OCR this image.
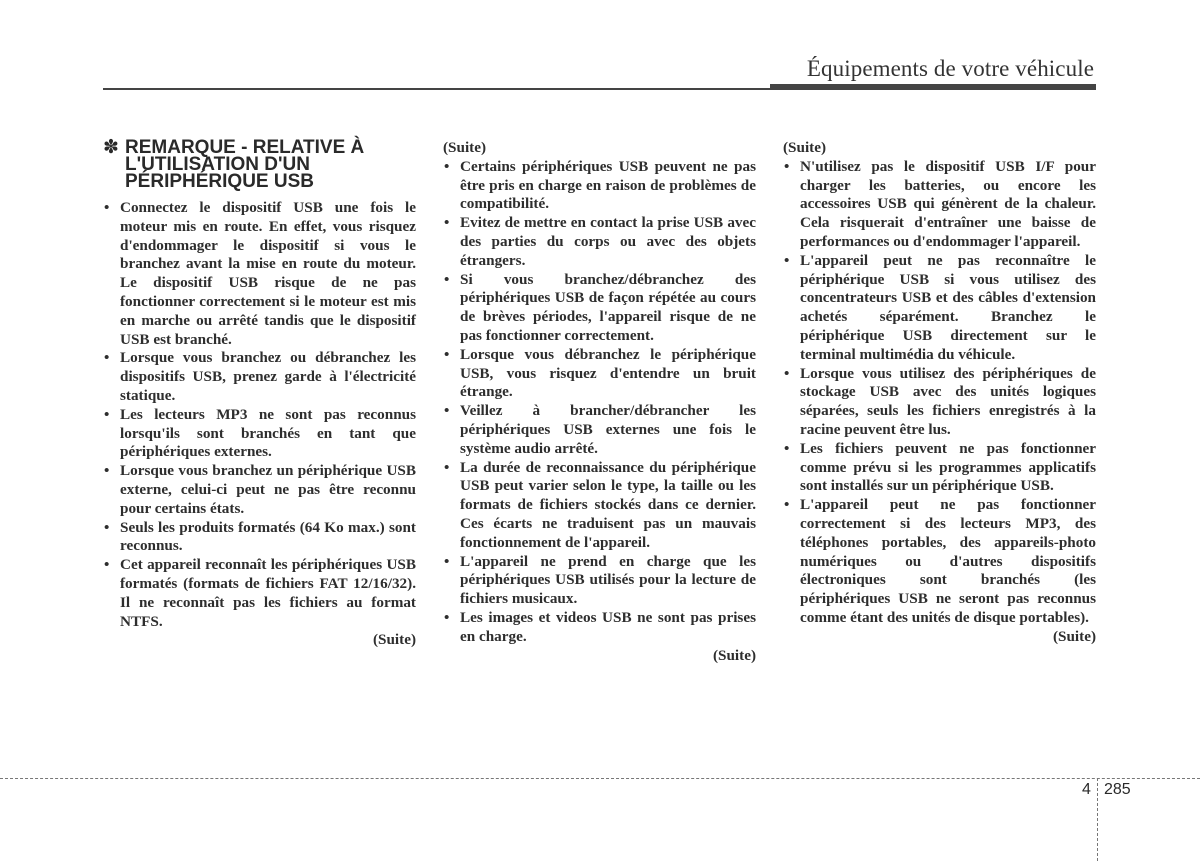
Équipements de votre véhicule
✽ REMARQUE - RELATIVE À L'UTILISATION D'UN PÉRIPHÉRIQUE USB
• Connectez le dispositif USB une fois le moteur mis en route. En effet, vous risquez d'endommager le dispositif si vous le branchez avant la mise en route du moteur. Le dispositif USB risque de ne pas fonctionner correctement si le moteur est mis en marche ou arrêté tandis que le dispositif USB est branché.
• Lorsque vous branchez ou débranchez les dispositifs USB, prenez garde à l'électricité statique.
• Les lecteurs MP3 ne sont pas reconnus lorsqu'ils sont branchés en tant que périphériques externes.
• Lorsque vous branchez un périphérique USB externe, celui-ci peut ne pas être reconnu pour certains états.
• Seuls les produits formatés (64 Ko max.) sont reconnus.
• Cet appareil reconnaît les périphériques USB formatés (formats de fichiers FAT 12/16/32). Il ne reconnaît pas les fichiers au format NTFS.
(Suite)
(Suite)
• Certains périphériques USB peuvent ne pas être pris en charge en raison de problèmes de compatibilité.
• Evitez de mettre en contact la prise USB avec des parties du corps ou avec des objets étrangers.
• Si vous branchez/débranchez des périphériques USB de façon répétée au cours de brèves périodes, l'appareil risque de ne pas fonctionner correctement.
• Lorsque vous débranchez le périphérique USB, vous risquez d'entendre un bruit étrange.
• Veillez à brancher/débrancher les périphériques USB externes une fois le système audio arrêté.
• La durée de reconnaissance du périphérique USB peut varier selon le type, la taille ou les formats de fichiers stockés dans ce dernier. Ces écarts ne traduisent pas un mauvais fonctionnement de l'appareil.
• L'appareil ne prend en charge que les périphériques USB utilisés pour la lecture de fichiers musicaux.
• Les images et videos USB ne sont pas prises en charge.
(Suite)
(Suite)
• N'utilisez pas le dispositif USB I/F pour charger les batteries, ou encore les accessoires USB qui génèrent de la chaleur. Cela risquerait d'entraîner une baisse de performances ou d'endommager l'appareil.
• L'appareil peut ne pas reconnaître le périphérique USB si vous utilisez des concentrateurs USB et des câbles d'extension achetés séparément. Branchez le périphérique USB directement sur le terminal multimédia du véhicule.
• Lorsque vous utilisez des périphériques de stockage USB avec des unités logiques séparées, seuls les fichiers enregistrés à la racine peuvent être lus.
• Les fichiers peuvent ne pas fonctionner comme prévu si les programmes applicatifs sont installés sur un périphérique USB.
• L'appareil peut ne pas fonctionner correctement si des lecteurs MP3, des téléphones portables, des appareils-photo numériques ou d'autres dispositifs électroniques sont branchés (les périphériques USB ne seront pas reconnus comme étant des unités de disque portables).
(Suite)
4 285
